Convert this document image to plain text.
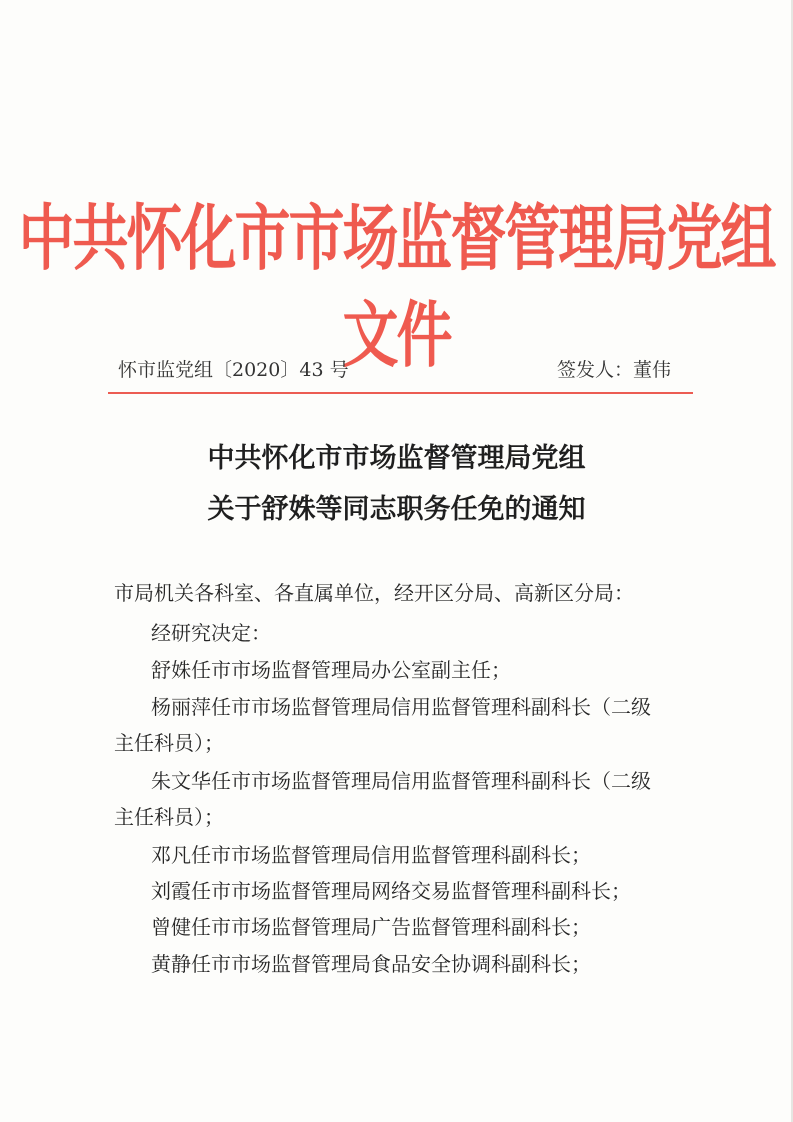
中共怀化市市场监督管理局党组文件
怀市监党组〔2020〕43 号	签发人：董伟
中共怀化市市场监督管理局党组
关于舒姝等同志职务任免的通知
市局机关各科室、各直属单位，经开区分局、高新区分局：
经研究决定：
舒姝任市市场监督管理局办公室副主任；
杨丽萍任市市场监督管理局信用监督管理科副科长（二级
主任科员）；
朱文华任市市场监督管理局信用监督管理科副科长（二级
主任科员）；
邓凡任市市场监督管理局信用监督管理科副科长；
刘霞任市市场监督管理局网络交易监督管理科副科长；
曾健任市市场监督管理局广告监督管理科副科长；
黄静任市市场监督管理局食品安全协调科副科长；
